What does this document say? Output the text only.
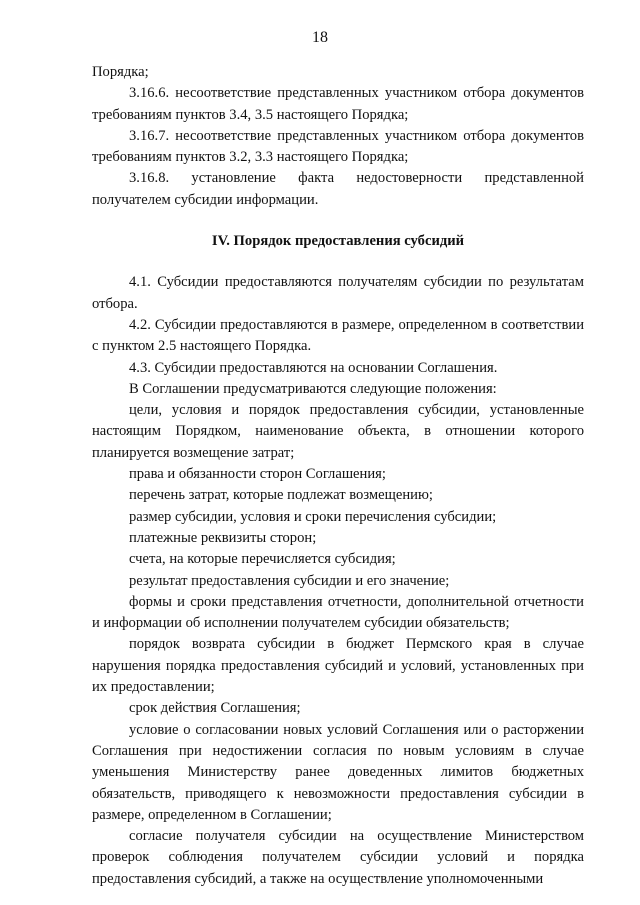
18

Порядка;

3.16.6. несоответствие представленных участником отбора документов требованиям пунктов 3.4, 3.5 настоящего Порядка;

3.16.7. несоответствие представленных участником отбора документов требованиям пунктов 3.2, 3.3 настоящего Порядка;

3.16.8. установление факта недостоверности представленной получателем субсидии информации.

IV. Порядок предоставления субсидий

4.1. Субсидии предоставляются получателям субсидии по результатам отбора.

4.2. Субсидии предоставляются в размере, определенном в соответствии с пунктом 2.5 настоящего Порядка.

4.3. Субсидии предоставляются на основании Соглашения.

В Соглашении предусматриваются следующие положения:

цели, условия и порядок предоставления субсидии, установленные настоящим Порядком, наименование объекта, в отношении которого планируется возмещение затрат;

права и обязанности сторон Соглашения;

перечень затрат, которые подлежат возмещению;

размер субсидии, условия и сроки перечисления субсидии;

платежные реквизиты сторон;

счета, на которые перечисляется субсидия;

результат предоставления субсидии и его значение;

формы и сроки представления отчетности, дополнительной отчетности и информации об исполнении получателем субсидии обязательств;

порядок возврата субсидии в бюджет Пермского края в случае нарушения порядка предоставления субсидий и условий, установленных при их предоставлении;

срок действия Соглашения;

условие о согласовании новых условий Соглашения или о расторжении Соглашения при недостижении согласия по новым условиям в случае уменьшения Министерству ранее доведенных лимитов бюджетных обязательств, приводящего к невозможности предоставления субсидии в размере, определенном в Соглашении;

согласие получателя субсидии на осуществление Министерством проверок соблюдения получателем субсидии условий и порядка предоставления субсидий, а также на осуществление уполномоченными
